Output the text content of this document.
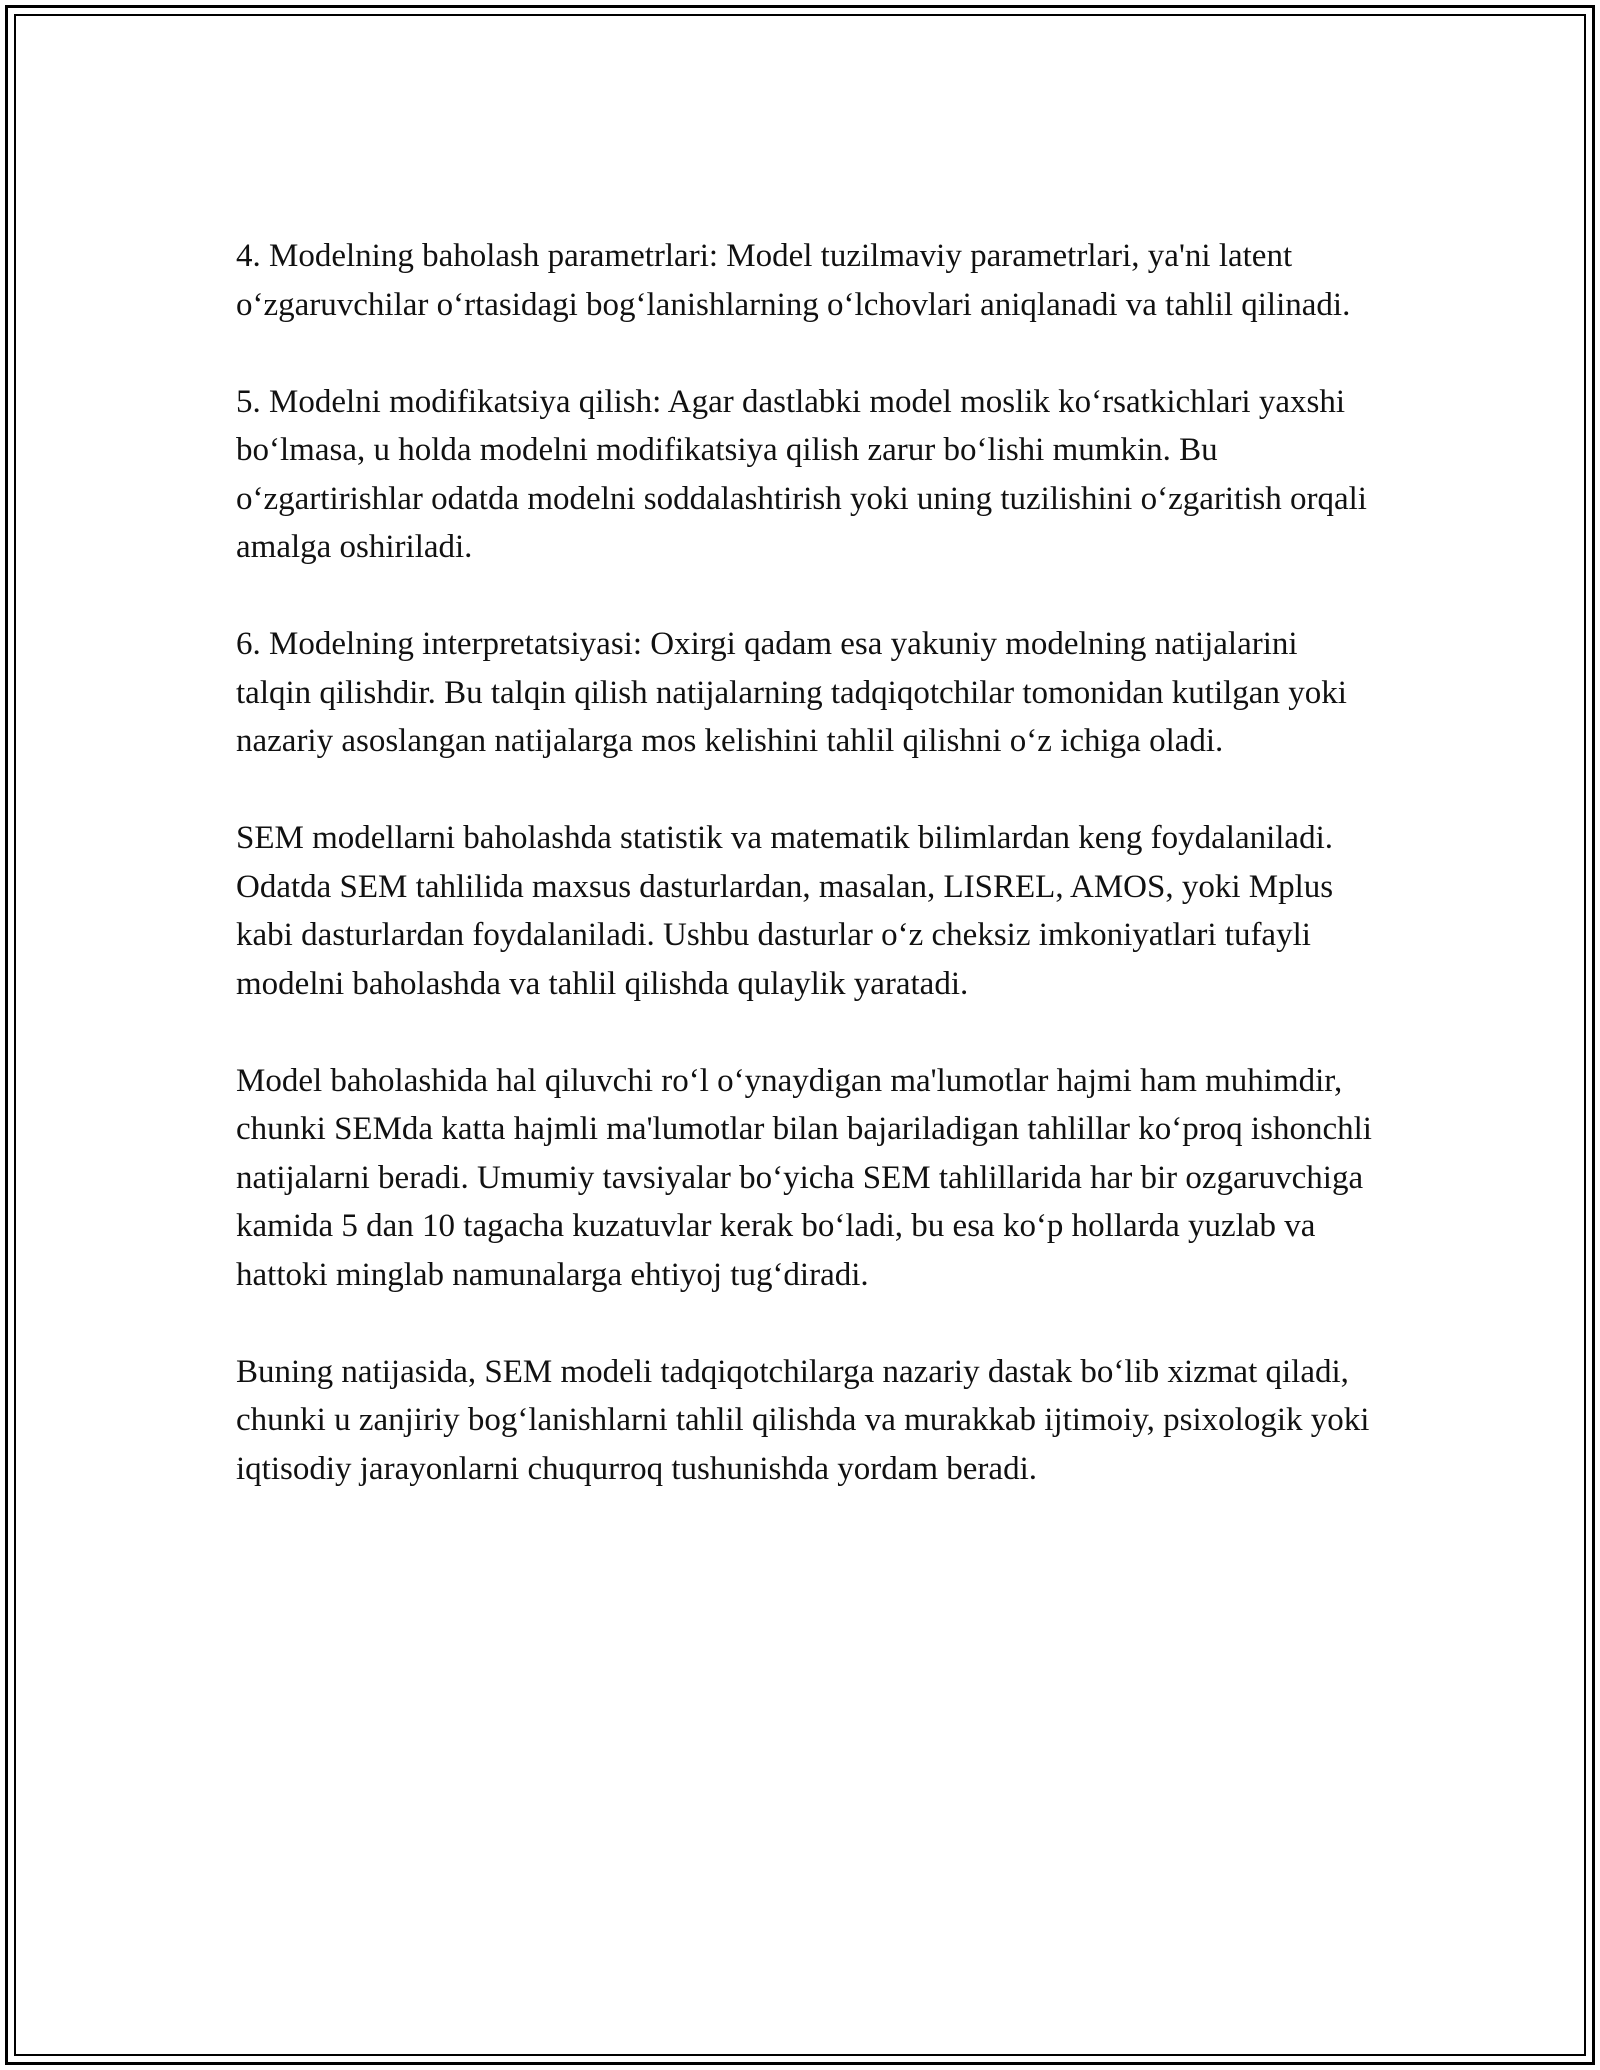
4. Modelning baholash parametrlari: Model tuzilmaviy parametrlari, ya'ni latent o‘zgaruvchilar o‘rtasidagi bog‘lanishlarning o‘lchovlari aniqlanadi va tahlil qilinadi.

5. Modelni modifikatsiya qilish: Agar dastlabki model moslik ko‘rsatkichlari yaxshi bo‘lmasa, u holda modelni modifikatsiya qilish zarur bo‘lishi mumkin. Bu o‘zgartirishlar odatda modelni soddalashtirish yoki uning tuzilishini o‘zgaritish orqali amalga oshiriladi.

6. Modelning interpretatsiyasi: Oxirgi qadam esa yakuniy modelning natijalarini talqin qilishdir. Bu talqin qilish natijalarning tadqiqotchilar tomonidan kutilgan yoki nazariy asoslangan natijalarga mos kelishini tahlil qilishni o‘z ichiga oladi.

SEM modellarni baholashda statistik va matematik bilimlardan keng foydalaniladi. Odatda SEM tahlilida maxsus dasturlardan, masalan, LISREL, AMOS, yoki Mplus kabi dasturlardan foydalaniladi. Ushbu dasturlar o‘z cheksiz imkoniyatlari tufayli modelni baholashda va tahlil qilishda qulaylik yaratadi.

Model baholashida hal qiluvchi ro‘l o‘ynaydigan ma'lumotlar hajmi ham muhimdir, chunki SEMda katta hajmli ma'lumotlar bilan bajariladigan tahlillar ko‘proq ishonchli natijalarni beradi. Umumiy tavsiyalar bo‘yicha SEM tahlillarida har bir ozgaruvchiga kamida 5 dan 10 tagacha kuzatuvlar kerak bo‘ladi, bu esa ko‘p hollarda yuzlab va hattoki minglab namunalarga ehtiyoj tug‘diradi.

Buning natijasida, SEM modeli tadqiqotchilarga nazariy dastak bo‘lib xizmat qiladi, chunki u zanjiriy bog‘lanishlarni tahlil qilishda va murakkab ijtimoiy, psixologik yoki iqtisodiy jarayonlarni chuqurroq tushunishda yordam beradi.
